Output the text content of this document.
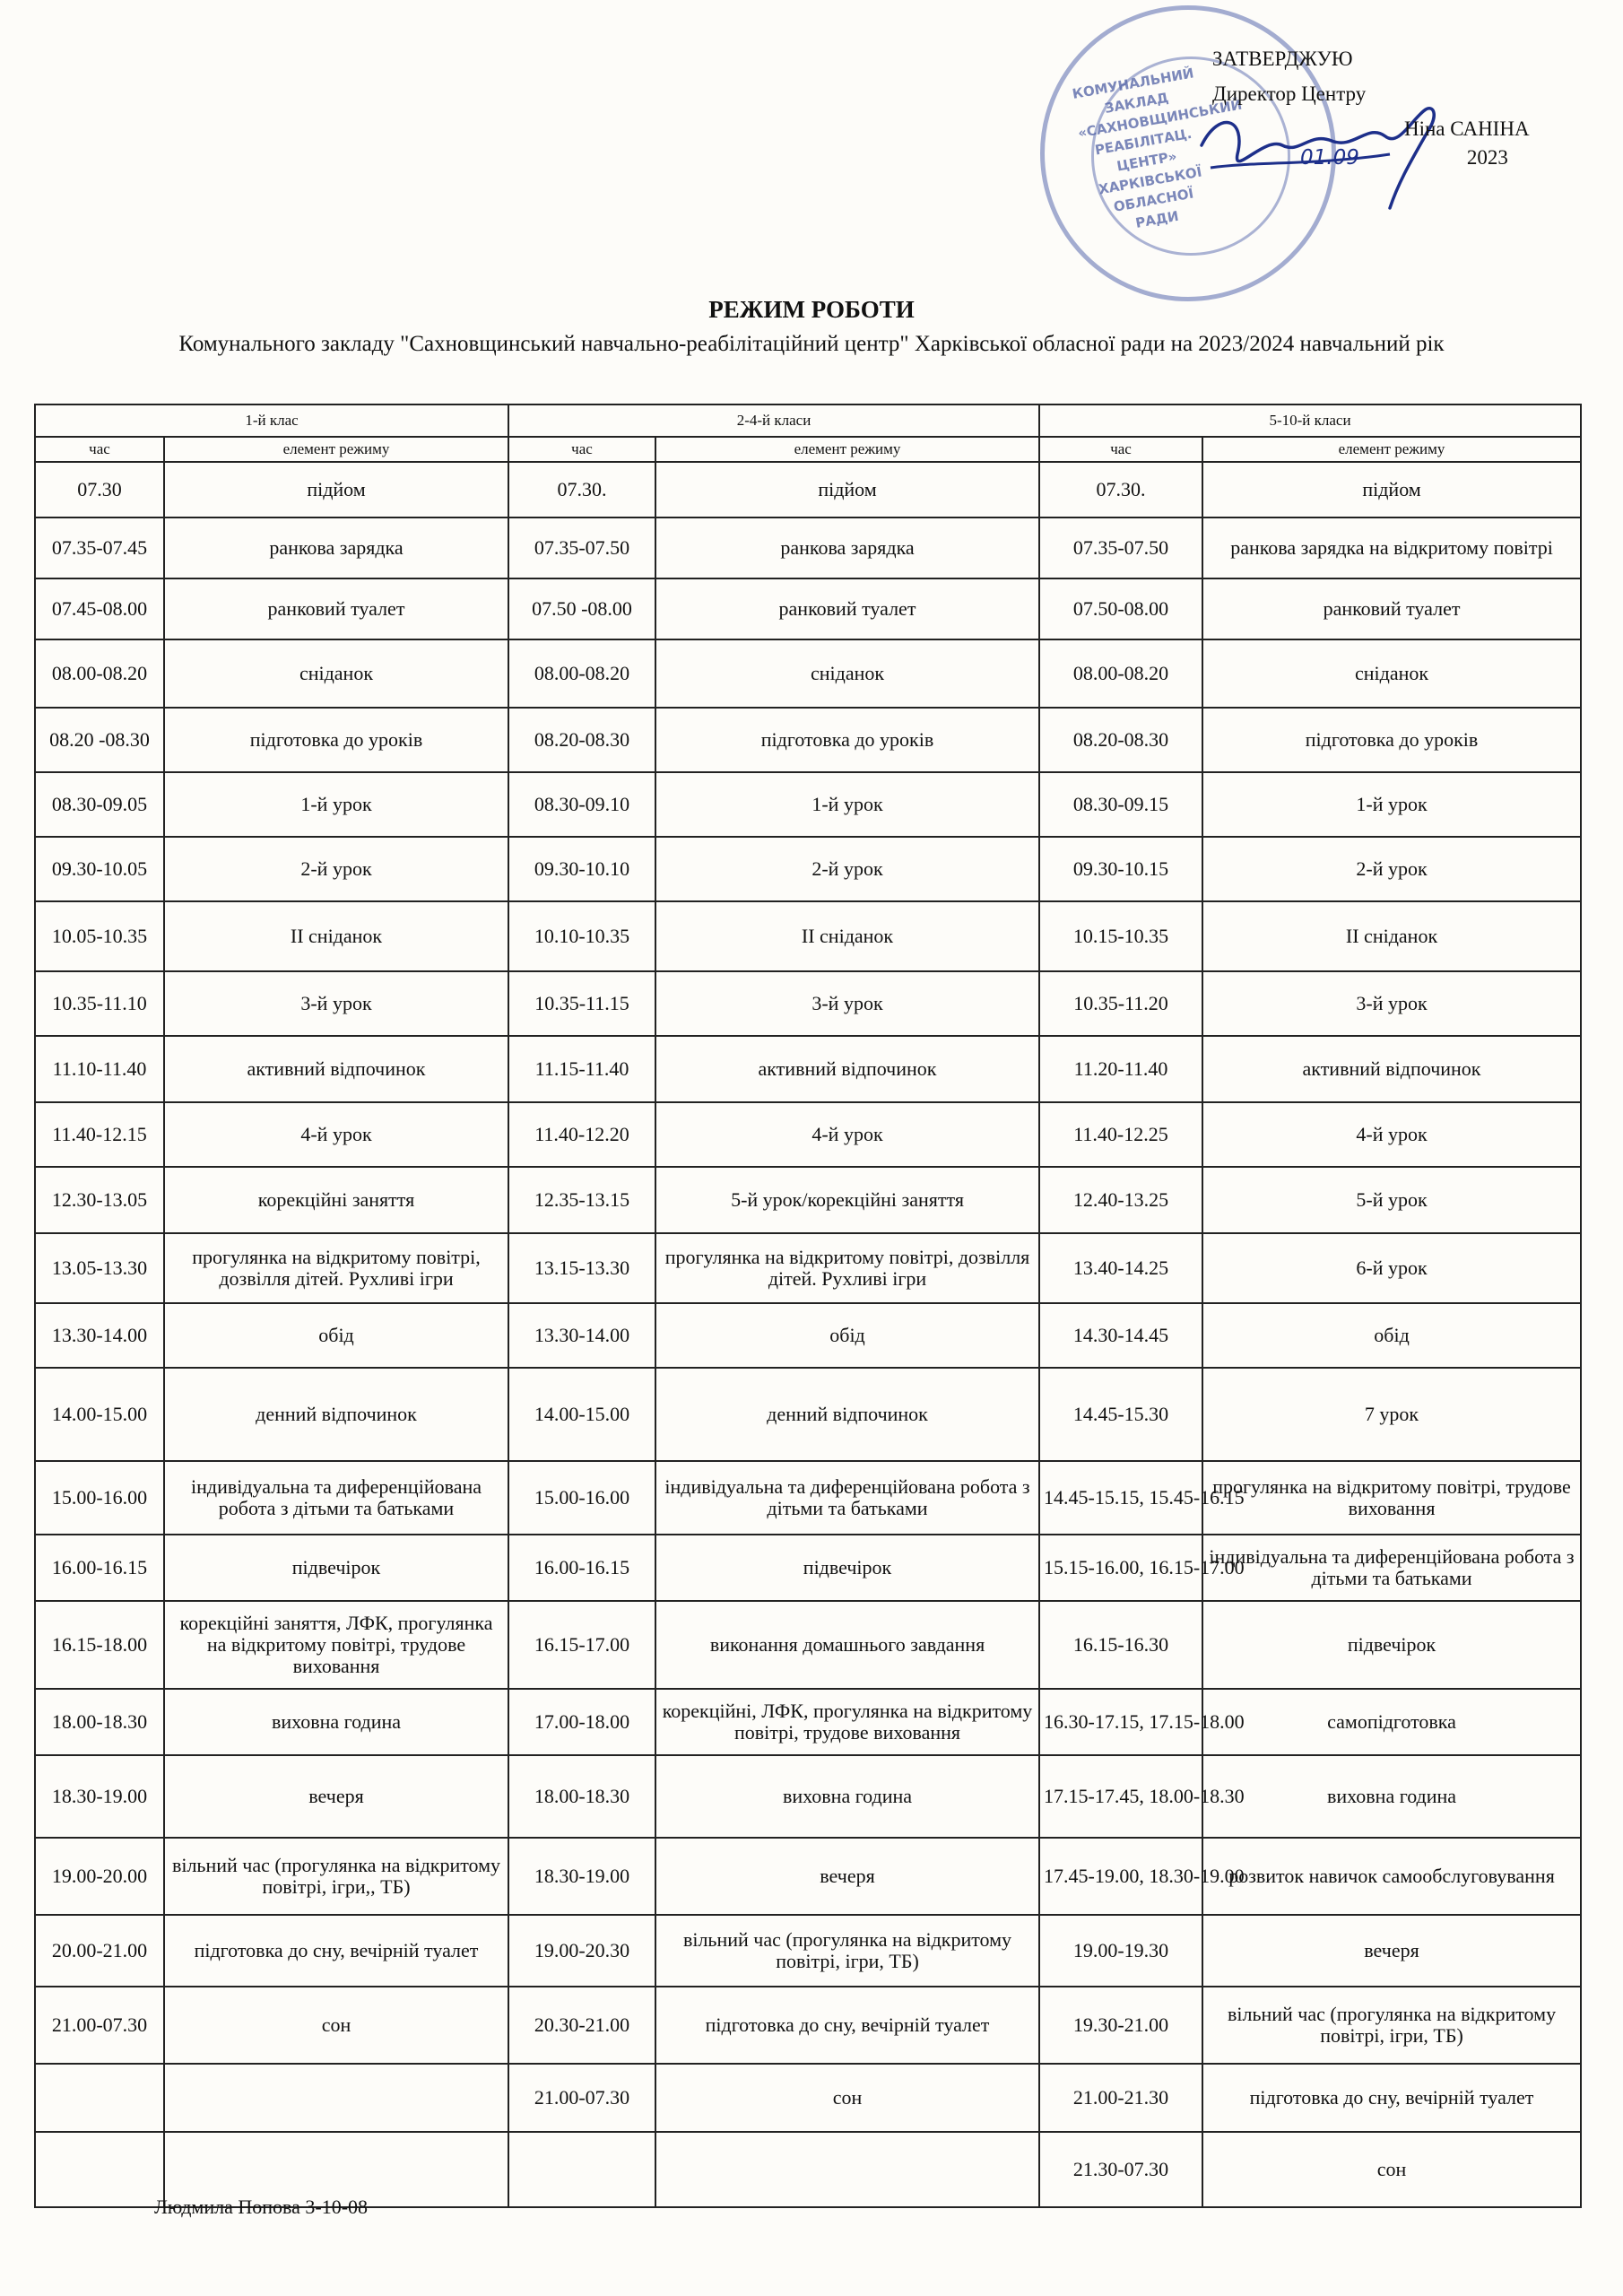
КОМУНАЛЬНИЙ ЗАКЛАД «САХНОВЩИНСЬКИЙ РЕАБІЛІТАЦ. ЦЕНТР» ХАРКІВСЬКОЇ ОБЛАСНОЇ РАДИ
ЗАТВЕРДЖУЮ
Директор Центру
Ніна САНІНА
01.09	2023
РЕЖИМ РОБОТИ
Комунального закладу "Сахновщинський навчально-реабілітаційний центр" Харківської обласної ради на 2023/2024 навчальний рік
1-й клас		2-4-й класи		5-10-й класи	
час	елемент режиму	час	елемент режиму	час	елемент режиму
07.30	підйом	07.30.	підйом	07.30.	підйом
07.35-07.45	ранкова зарядка	07.35-07.50	ранкова зарядка	07.35-07.50	ранкова зарядка на відкритому повітрі
07.45-08.00	ранковий туалет	07.50 -08.00	ранковий туалет	07.50-08.00	ранковий туалет
08.00-08.20	сніданок	08.00-08.20	сніданок	08.00-08.20	сніданок
08.20 -08.30	підготовка до уроків	08.20-08.30	підготовка до уроків	08.20-08.30	підготовка до уроків
08.30-09.05	1-й урок	08.30-09.10	1-й урок	08.30-09.15	1-й урок
09.30-10.05	2-й урок	09.30-10.10	2-й урок	09.30-10.15	2-й урок
10.05-10.35	ІІ сніданок	10.10-10.35	ІІ сніданок	10.15-10.35	ІІ сніданок
10.35-11.10	3-й урок	10.35-11.15	3-й урок	10.35-11.20	3-й урок
11.10-11.40	активний відпочинок	11.15-11.40	активний відпочинок	11.20-11.40	активний відпочинок
11.40-12.15	4-й урок	11.40-12.20	4-й урок	11.40-12.25	4-й урок
12.30-13.05	корекційні заняття	12.35-13.15	5-й урок/корекційні заняття	12.40-13.25	5-й урок
13.05-13.30	прогулянка на відкритому повітрі, дозвілля дітей. Рухливі ігри	13.15-13.30	прогулянка на відкритому повітрі, дозвілля дітей. Рухливі ігри	13.40-14.25	6-й урок
13.30-14.00	обід	13.30-14.00	обід	14.30-14.45	обід
14.00-15.00	денний відпочинок	14.00-15.00	денний відпочинок	14.45-15.30	7 урок
15.00-16.00	індивідуальна та диференційована робота з дітьми та батьками	15.00-16.00	індивідуальна та диференційована робота з дітьми та батьками	14.45-15.15, 15.45-16.15	прогулянка на відкритому повітрі, трудове виховання
16.00-16.15	підвечірок	16.00-16.15	підвечірок	15.15-16.00, 16.15-17.00	індивідуальна та диференційована робота з дітьми та батьками
16.15-18.00	корекційні заняття, ЛФК, прогулянка на відкритому повітрі, трудове виховання	16.15-17.00	виконання домашнього завдання	16.15-16.30	підвечірок
18.00-18.30	виховна година	17.00-18.00	корекційні, ЛФК, прогулянка на відкритому повітрі, трудове виховання	16.30-17.15, 17.15-18.00	самопідготовка
18.30-19.00	вечеря	18.00-18.30	виховна година	17.15-17.45, 18.00-18.30	виховна година
19.00-20.00	вільний час (прогулянка на відкритому повітрі, ігри,, ТБ)	18.30-19.00	вечеря	17.45-19.00, 18.30-19.00	розвиток навичок самообслуговування
20.00-21.00	підготовка до сну, вечірній туалет	19.00-20.30	вільний час (прогулянка на відкритому повітрі, ігри, ТБ)	19.00-19.30	вечеря
21.00-07.30	сон	20.30-21.00	підготовка до сну, вечірній туалет	19.30-21.00	вільний час (прогулянка на відкритому повітрі, ігри, ТБ)
		21.00-07.30	сон	21.00-21.30	підготовка до сну, вечірній туалет
				21.30-07.30	сон
Людмила Попова 3-10-08
